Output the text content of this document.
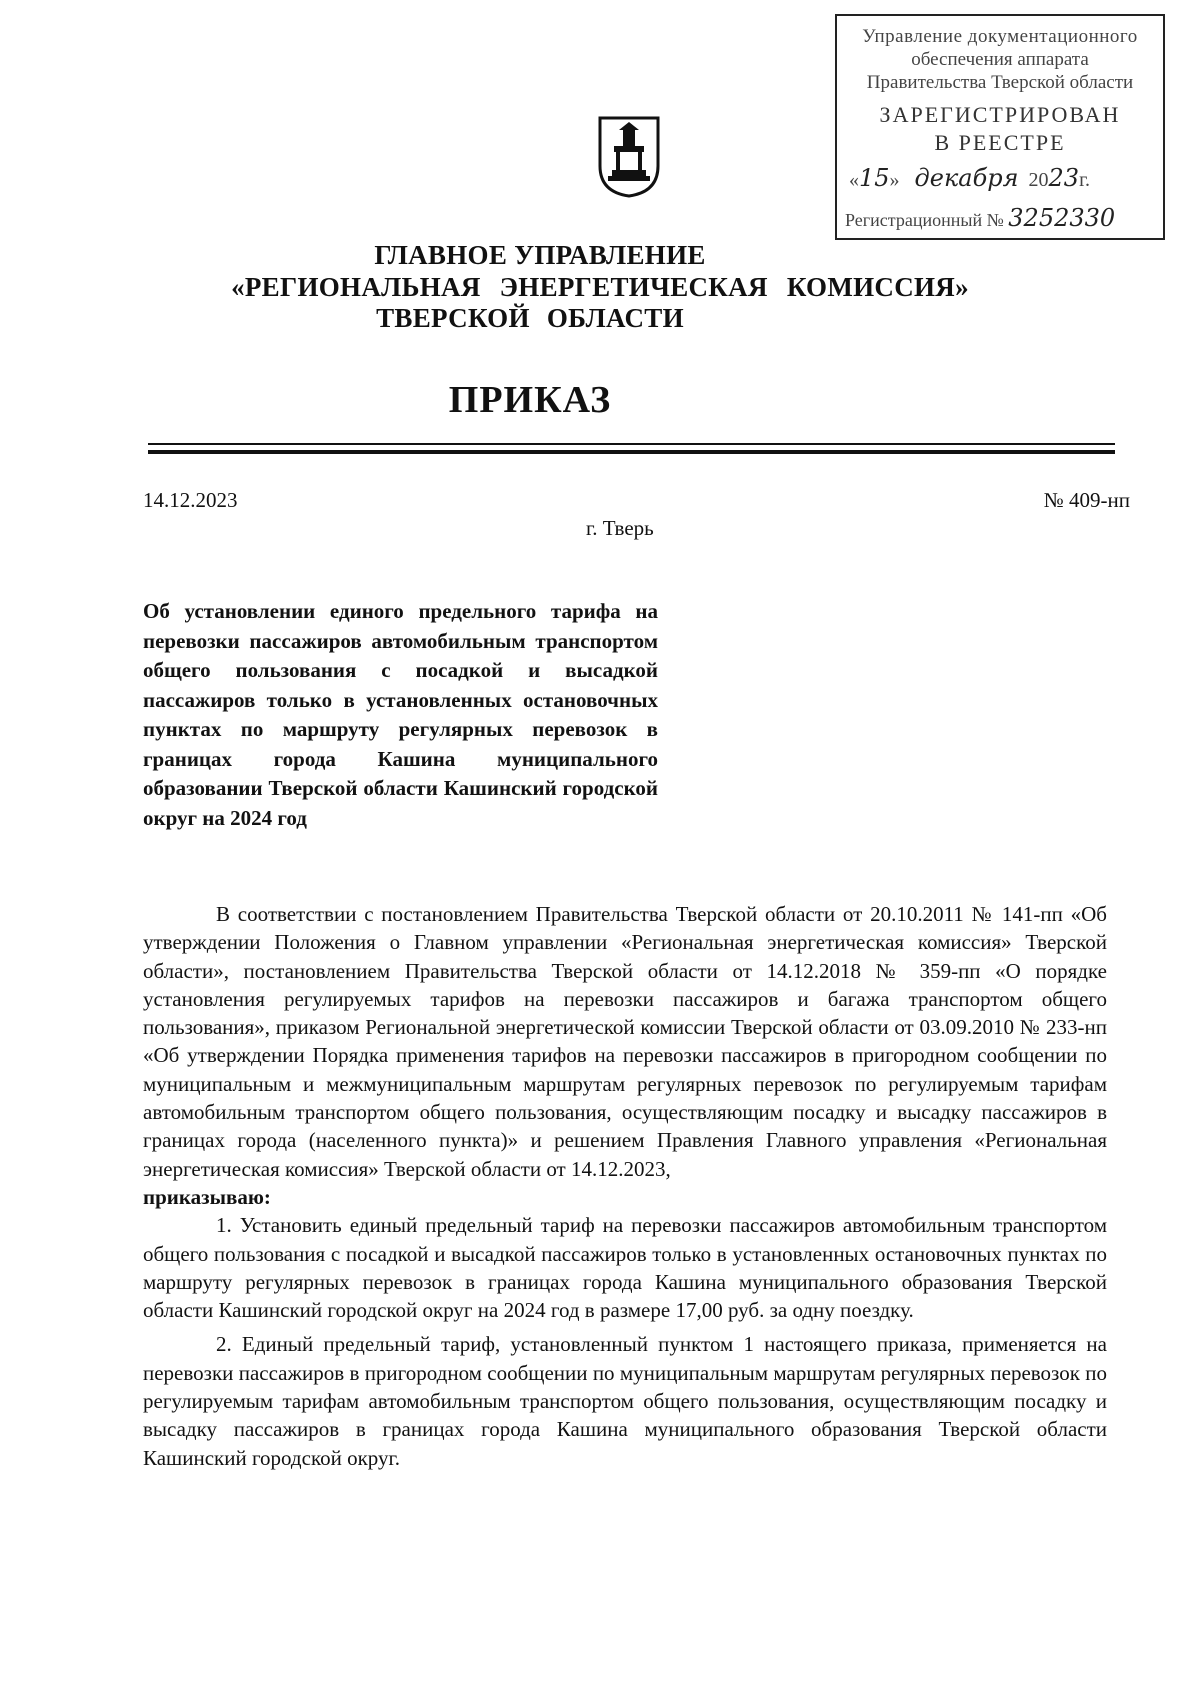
Управление документационного
обеспечения аппарата
Правительства Тверской области
ЗАРЕГИСТРИРОВАН
В РЕЕСТРЕ
«15»   декабря 2023г.
Регистрационный № 3252330
ГЛАВНОЕ УПРАВЛЕНИЕ
«РЕГИОНАЛЬНАЯ ЭНЕРГЕТИЧЕСКАЯ КОМИССИЯ»
ТВЕРСКОЙ ОБЛАСТИ
ПРИКАЗ
14.12.2023	№ 409-нп
г. Тверь
Об установлении единого предельного тарифа на перевозки пассажиров автомобильным транспортом общего пользования с посадкой и высадкой пассажиров только в установленных остановочных пунктах по маршруту регулярных перевозок в границах города Кашина муниципального образовании Тверской области Кашинский городской округ на 2024 год

В соответствии с постановлением Правительства Тверской области от 20.10.2011 № 141-пп «Об утверждении Положения о Главном управлении «Региональная энергетическая комиссия» Тверской области», постановлением Правительства Тверской области от 14.12.2018 № 359-пп «О порядке установления регулируемых тарифов на перевозки пассажиров и багажа транспортом общего пользования», приказом Региональной энергетической комиссии Тверской области от 03.09.2010 № 233-нп «Об утверждении Порядка применения тарифов на перевозки пассажиров в пригородном сообщении по муниципальным и межмуниципальным маршрутам регулярных перевозок по регулируемым тарифам автомобильным транспортом общего пользования, осуществляющим посадку и высадку пассажиров в границах города (населенного пункта)» и решением Правления Главного управления «Региональная энергетическая комиссия» Тверской области от 14.12.2023,

приказываю:

1. Установить единый предельный тариф на перевозки пассажиров автомобильным транспортом общего пользования с посадкой и высадкой пассажиров только в установленных остановочных пунктах по маршруту регулярных перевозок в границах города Кашина муниципального образования Тверской области Кашинский городской округ на 2024 год в размере 17,00 руб. за одну поездку.

2. Единый предельный тариф, установленный пунктом 1 настоящего приказа, применяется на перевозки пассажиров в пригородном сообщении по муниципальным маршрутам регулярных перевозок по регулируемым тарифам автомобильным транспортом общего пользования, осуществляющим посадку и высадку пассажиров в границах города Кашина муниципального образования Тверской области Кашинский городской округ.
